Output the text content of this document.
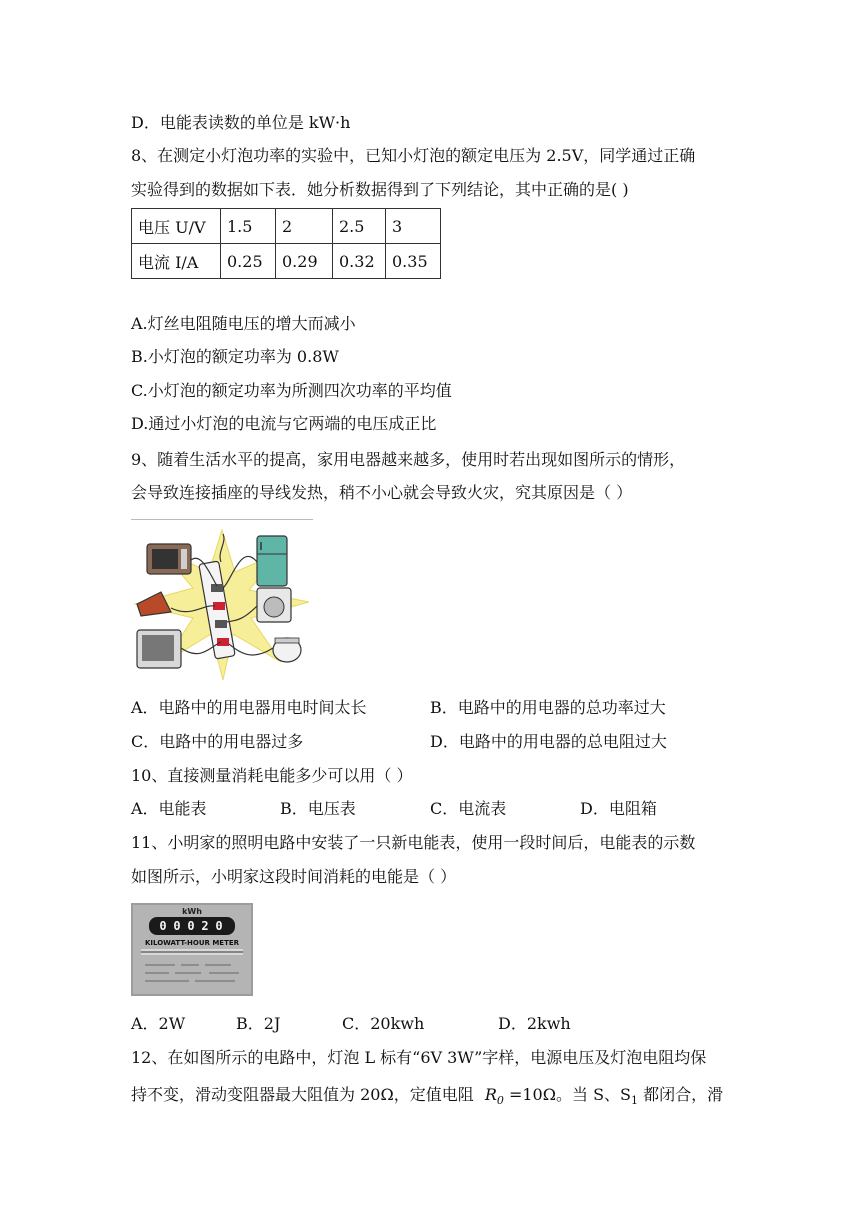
D．电能表读数的单位是 kW·h
8、在测定小灯泡功率的实验中，已知小灯泡的额定电压为 2.5V，同学通过正确
实验得到的数据如下表．她分析数据得到了下列结论，其中正确的是( )
电压 U/V	1.5	2	2.5	3
电流 I/A	0.25	0.29	0.32	0.35
A.灯丝电阻随电压的增大而减小
B.小灯泡的额定功率为 0.8W
C.小灯泡的额定功率为所测四次功率的平均值
D.通过小灯泡的电流与它两端的电压成正比
9、随着生活水平的提高，家用电器越来越多，使用时若出现如图所示的情形，
会导致连接插座的导线发热，稍不小心就会导致火灾，究其原因是（ ）
A．电路中的用电器用电时间太长	B．电路中的用电器的总功率过大
C．电路中的用电器过多	D．电路中的用电器的总电阻过大
10、直接测量消耗电能多少可以用（ ）
A．电能表	B．电压表	C．电流表	D．电阻箱
11、小明家的照明电路中安装了一只新电能表，使用一段时间后，电能表的示数
如图所示，小明家这段时间消耗的电能是（ ）
kWh
0 0 0 2 0
KILOWATT-HOUR METER
A．2W	B．2J	C．20kwh	D．2kwh
12、在如图所示的电路中，灯泡 L 标有“6V 3W”字样，电源电压及灯泡电阻均保
持不变，滑动变阻器最大阻值为 20Ω，定值电阻 $R_0 =10\Omega$。当 S、$S_1$ 都闭合，滑
